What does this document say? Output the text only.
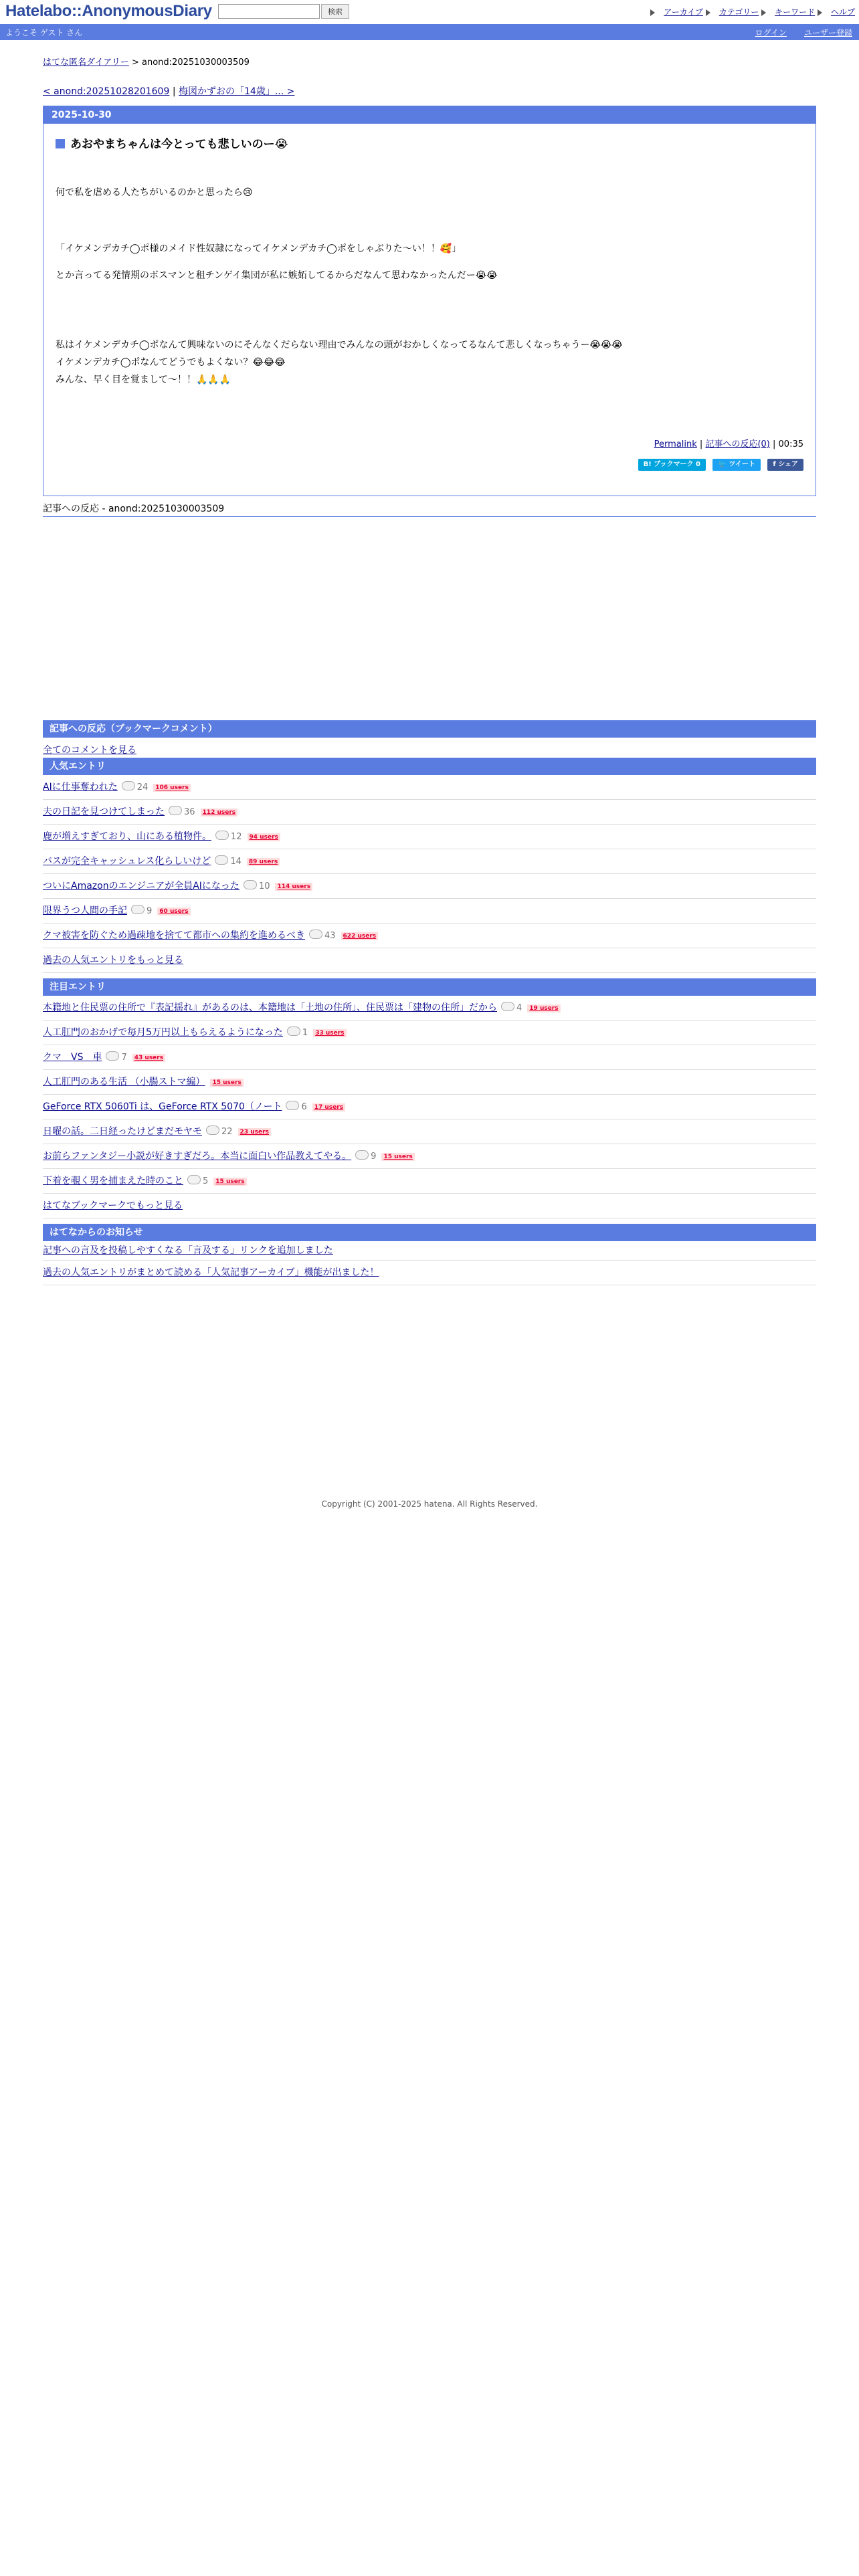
Hatelabo::AnonymousDiary	検索	アーカイブ カテゴリー キーワード ヘルプ
ようこそ ゲスト さん	ログイン ユーザー登録
はてな匿名ダイアリー > anond:20251030003509
< anond:20251028201609 | 梅図かずおの「14歳」... >
2025-10-30
あおやまちゃんは今とっても悲しいのー😭
何で私を虐める人たちがいるのかと思ったら😢
「イケメンデカチ◯ポ様のメイド性奴隷になってイケメンデカチ◯ポをしゃぶりた〜い！！🥰」
とか言ってる発情期のボスマンと租チンゲイ集団が私に嫉妬してるからだなんて思わなかったんだー😭😭
私はイケメンデカチ◯ポなんて興味ないのにそんなくだらない理由でみんなの頭がおかしくなってるなんて悲しくなっちゃうー😭😭😭
イケメンデカチ◯ポなんてどうでもよくない？😂😂😂
みんな、早く目を覚まして〜！！🙏🙏🙏
Permalink | 記事への反応(0) | 00:35
B! ブックマーク 0	🐦 ツイート	f シェア
記事への反応 - anond:20251030003509
記事への反応（ブックマークコメント）
全てのコメントを見る
人気エントリ
AIに仕事奪われた 24 106 users
夫の日記を見つけてしまった 36 112 users
鹿が増えすぎており、山にある植物件。 12 94 users
バスが完全キャッシュレス化らしいけど 14 89 users
ついにAmazonのエンジニアが全員AIになった 10 114 users
限界うつ人間の手記 9 60 users
クマ被害を防ぐため過疎地を捨てて都市への集約を進めるべき 43 622 users
過去の人気エントリをもっと見る
注目エントリ
本籍地と住民票の住所で『表記揺れ』があるのは、本籍地は「土地の住所」、住民票は「建物の住所」だから 4 19 users
人工肛門のおかげで毎月5万円以上もらえるようになった 1 33 users
クマ　VS　車 7 43 users
人工肛門のある生活 （小腸ストマ編） 15 users
GeForce RTX 5060Ti は、GeForce RTX 5070（ノート 6 17 users
日曜の話。二日経ったけどまだモヤモ 22 23 users
お前らファンタジー小説が好きすぎだろ。本当に面白い作品教えてやる。 9 15 users
下着を覗く男を捕まえた時のこと 5 15 users
はてなブックマークでもっと見る
はてなからのお知らせ
記事への言及を投稿しやすくなる「言及する」リンクを追加しました
過去の人気エントリがまとめて読める「人気記事アーカイブ」機能が出ました！
Copyright (C) 2001-2025 hatena. All Rights Reserved.
